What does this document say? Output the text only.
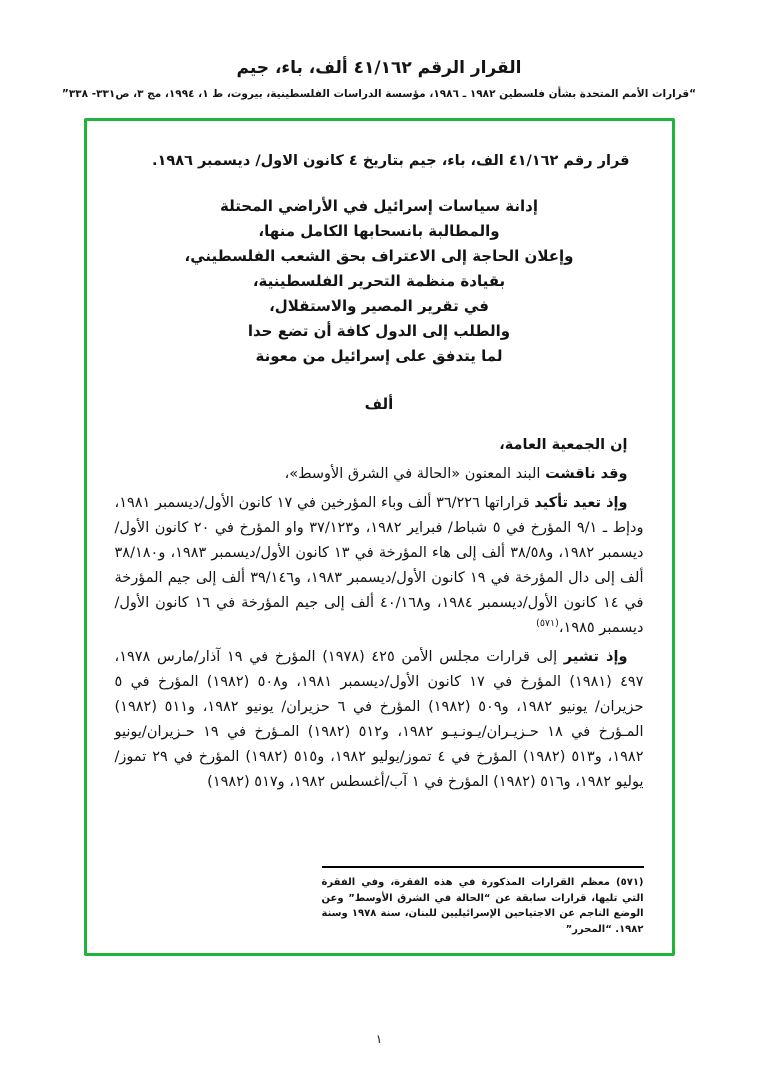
القرار الرقم ٤١/١٦٢ ألف، باء، جيم
“قرارات الأمم المتحدة بشأن فلسطين ١٩٨٢ ـ ١٩٨٦، مؤسسة الدراسات الفلسطينية، بيروت، ط ١، ١٩٩٤، مج ٣، ص٣٣١- ٣٣٨”

قرار رقم ٤١/١٦٢ الف، باء، جيم بتاريخ ٤ كانون الاول/ ديسمبر ١٩٨٦.

إدانة سياسات إسرائيل في الأراضي المحتلة
والمطالبة بانسحابها الكامل منها،
وإعلان الحاجة إلى الاعتراف بحق الشعب الفلسطيني،
بقيادة منظمة التحرير الفلسطينية،
في تقرير المصير والاستقلال،
والطلب إلى الدول كافة أن تضع حدا
لما يتدفق على إسرائيل من معونة
ألف

إن الجمعية العامة،

وقد ناقشت البند المعنون «الحالة في الشرق الأوسط»،

وإذ تعيد تأكيد قراراتها ٣٦/٢٢٦ ألف وباء المؤرخين في ١٧ كانون الأول/ديسمبر ١٩٨١، ودإط ـ ٩/١ المؤرخ في ٥ شباط/ فبراير ١٩٨٢، و٣٧/١٢٣ واو المؤرخ في ٢٠ كانون الأول/ ديسمبر ١٩٨٢، و٣٨/٥٨ ألف إلى هاء المؤرخة في ١٣ كانون الأول/ديسمبر ١٩٨٣، و٣٨/١٨٠ ألف إلى دال المؤرخة في ١٩ كانون الأول/ديسمبر ١٩٨٣، و٣٩/١٤٦ ألف إلى جيم المؤرخة في ١٤ كانون الأول/ديسمبر ١٩٨٤، و٤٠/١٦٨ ألف إلى جيم المؤرخة في ١٦ كانون الأول/ديسمبر ١٩٨٥،$^{(٥٧١)}$

وإذ تشير إلى قرارات مجلس الأمن ٤٢٥ (١٩٧٨) المؤرخ في ١٩ آذار/مارس ١٩٧٨، ٤٩٧ (١٩٨١) المؤرخ في ١٧ كانون الأول/ديسمبر ١٩٨١، و٥٠٨ (١٩٨٢) المؤرخ في ٥ حزيران/ يونيو ١٩٨٢، و٥٠٩ (١٩٨٢) المؤرخ في ٦ حزيران/ يونيو ١٩٨٢، و٥١١ (١٩٨٢) المـؤرخ في ١٨ حـزيـران/يـونـيـو ١٩٨٢، و٥١٢ (١٩٨٢) المـؤرخ في ١٩ حـزيران/يونيو ١٩٨٢، و٥١٣ (١٩٨٢) المؤرخ في ٤ تموز/يوليو ١٩٨٢، و٥١٥ (١٩٨٢) المؤرخ في ٢٩ تموز/يوليو ١٩٨٢، و٥١٦ (١٩٨٢) المؤرخ في ١ آب/أغسطس ١٩٨٢، و٥١٧ (١٩٨٢)

(٥٧١) معظم القرارات المذكورة في هذه الفقرة، وفي الفقرة التي تليها، قرارات سابقة عن “الحالة في الشرق الأوسط” وعن الوضع الناجم عن الاجتياحين الإسرائيليين للبنان، سنة ١٩٧٨ وسنة ١٩٨٢. “المحرر”

١
